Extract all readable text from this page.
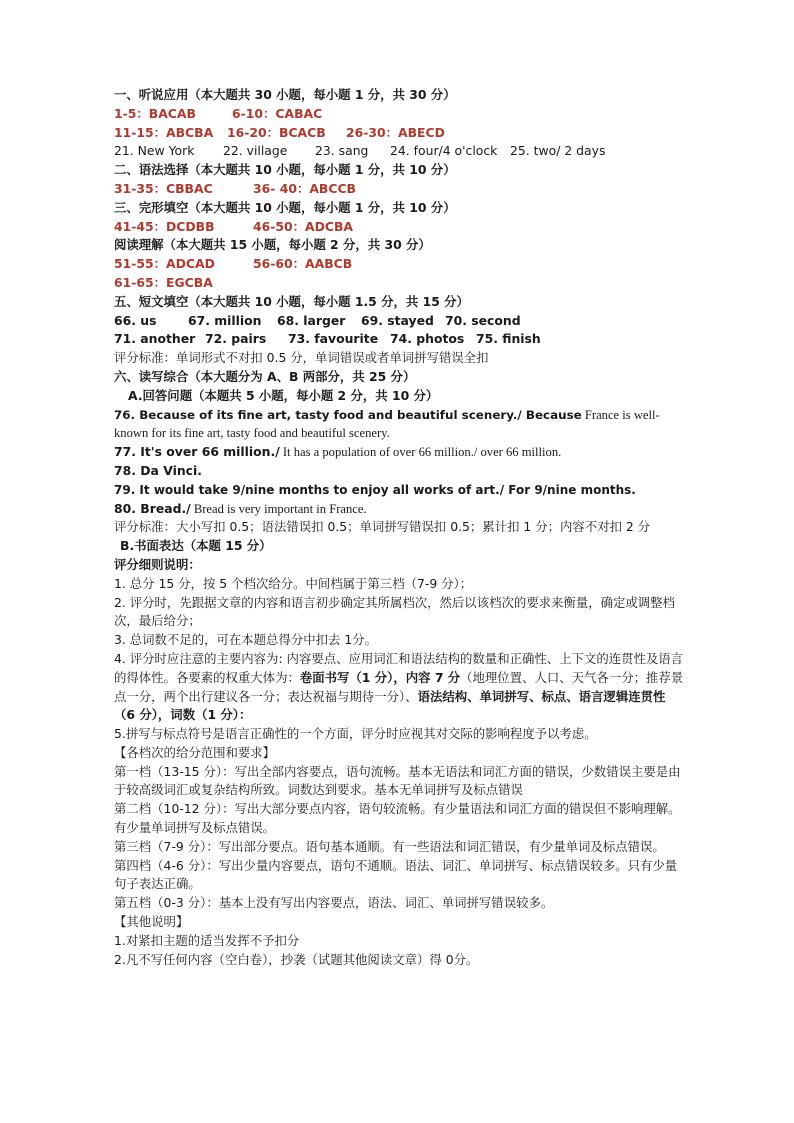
一、听说应用（本大题共 30 小题，每小题 1 分，共 30 分）
1-5：BACAB	6-10：CABAC
11-15：ABCBA 16-20：BCACB 26-30：ABECD
21. New York 22. village 23. sang 24. four/4 o'clock 25. two/ 2 days
二、语法选择（本大题共 10 小题，每小题 1 分，共 10 分）
31-35：CBBAC	36- 40：ABCCB
三、完形填空（本大题共 10 小题，每小题 1 分，共 10 分）
41-45：DCDBB	46-50：ADCBA
阅读理解（本大题共 15 小题，每小题 2 分，共 30 分）
51-55：ADCAD	56-60：AABCB
61-65：EGCBA
五、短文填空（本大题共 10 小题，每小题 1.5 分，共 15 分）
66. us	67. million 68. larger 69. stayed 70. second
71. another 72. pairs 73. favourite 74. photos 75. finish
评分标准：单词形式不对扣 0.5 分，单词错误或者单词拼写错误全扣
六、读写综合（本大题分为 A、B 两部分，共 25 分）
A.回答问题（本题共 5 小题，每小题 2 分，共 10 分）
76. Because of its fine art, tasty food and beautiful scenery./ Because France is well-known for its fine art, tasty food and beautiful scenery.
77. It's over 66 million./ It has a population of over 66 million./ over 66 million.
78. Da Vinci.
79. It would take 9/nine months to enjoy all works of art./ For 9/nine months.
80. Bread./ Bread is very important in France.
评分标准：大小写扣 0.5；语法错误扣 0.5；单词拼写错误扣 0.5；累计扣 1 分；内容不对扣 2 分
B.书面表达（本题 15 分）
评分细则说明：
1. 总分 15 分，按 5 个档次给分。中间档属于第三档（7-9 分）；
2. 评分时，先跟据文章的内容和语言初步确定其所属档次，然后以该档次的要求来衡量，确定或调整档次，最后给分；
3. 总词数不足的，可在本题总得分中扣去 1分。
4. 评分时应注意的主要内容为: 内容要点、应用词汇和语法结构的数量和正确性、上下文的连贯性及语言的得体性。各要素的权重大体为：卷面书写（1 分），内容 7 分（地理位置、人口、天气各一分；推荐景点一分，两个出行建议各一分；表达祝福与期待一分）、语法结构、单词拼写、标点、语言逻辑连贯性（6 分），词数（1 分）：
5.拼写与标点符号是语言正确性的一个方面，评分时应视其对交际的影响程度予以考虑。
【各档次的给分范围和要求】
第一档（13-15 分）：写出全部内容要点，语句流畅。基本无语法和词汇方面的错误，少数错误主要是由于较高级词汇或复杂结构所致。词数达到要求。基本无单词拼写及标点错误
第二档（10-12 分）：写出大部分要点内容，语句较流畅。有少量语法和词汇方面的错误但不影响理解。有少量单词拼写及标点错误。
第三档（7-9 分）：写出部分要点。语句基本通顺。有一些语法和词汇错误，有少量单词及标点错误。
第四档（4-6 分）：写出少量内容要点，语句不通顺。语法、词汇、单词拼写、标点错误较多。只有少量句子表达正确。
第五档（0-3 分）：基本上没有写出内容要点，语法、词汇、单词拼写错误较多。
【其他说明】
1.对紧扣主题的适当发挥不予扣分
2.凡不写任何内容（空白卷），抄袭（试题其他阅读文章）得 0分。
